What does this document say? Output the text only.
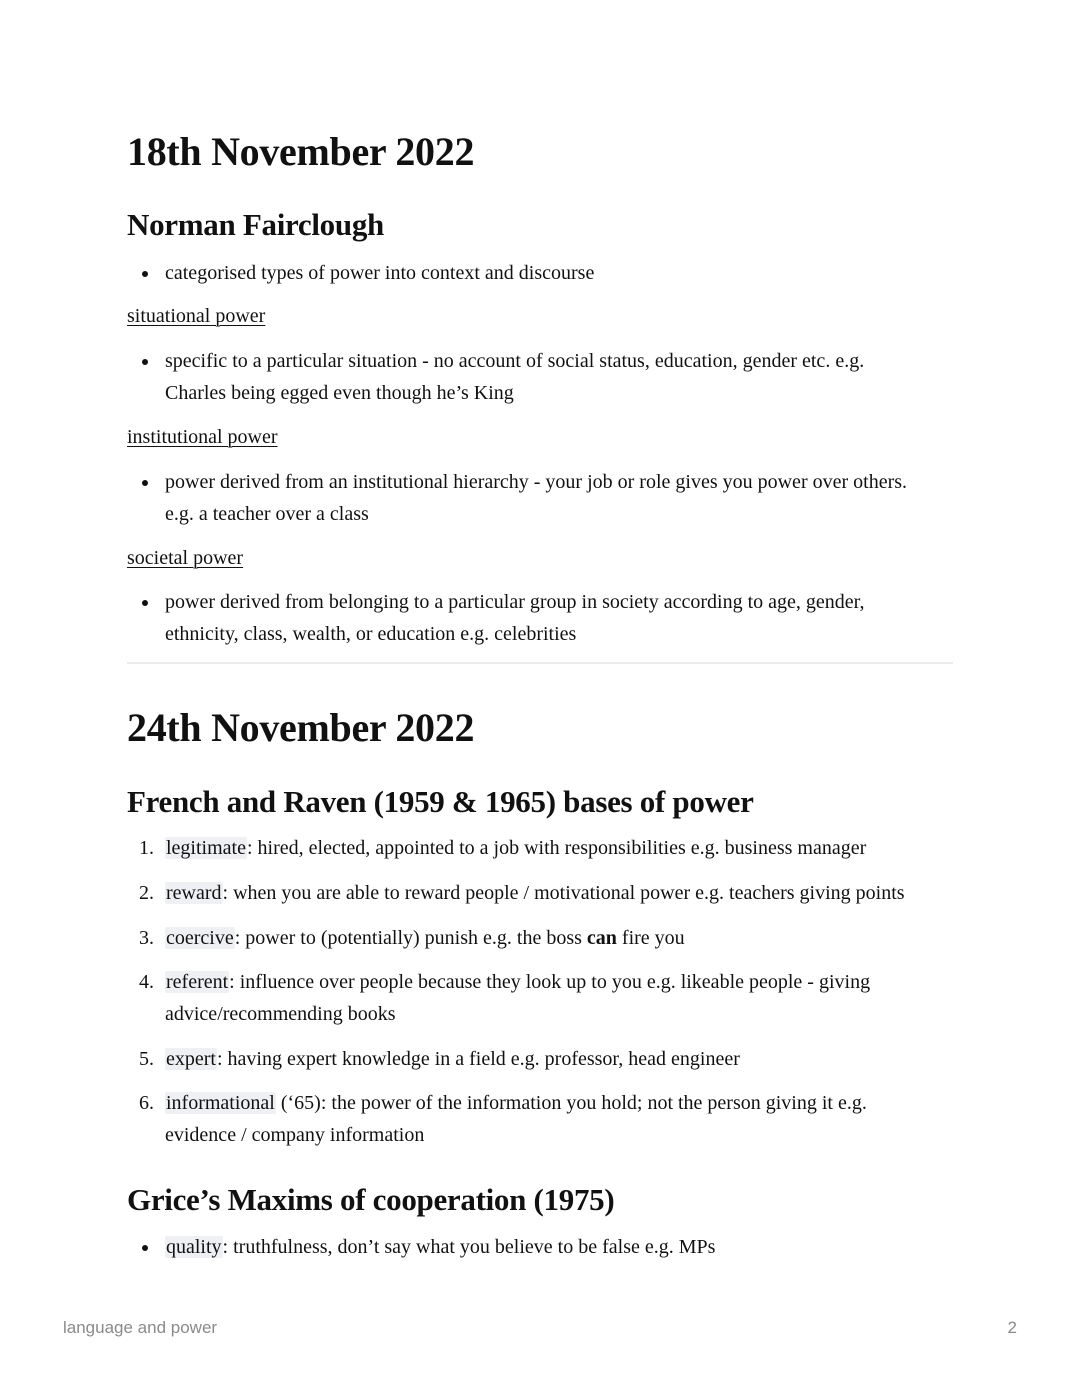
18th November 2022
Norman Fairclough
categorised types of power into context and discourse
situational power
specific to a particular situation - no account of social status, education, gender etc. e.g.
Charles being egged even though he’s King
institutional power
power derived from an institutional hierarchy - your job or role gives you power over others.
e.g. a teacher over a class
societal power
power derived from belonging to a particular group in society according to age, gender,
ethnicity, class, wealth, or education e.g. celebrities
24th November 2022
French and Raven (1959 & 1965) bases of power
1. legitimate: hired, elected, appointed to a job with responsibilities e.g. business manager
2. reward: when you are able to reward people / motivational power e.g. teachers giving points
3. coercive: power to (potentially) punish e.g. the boss can fire you
4. referent: influence over people because they look up to you e.g. likeable people - giving
advice/recommending books
5. expert: having expert knowledge in a field e.g. professor, head engineer
6. informational (‘65): the power of the information you hold; not the person giving it e.g.
evidence / company information
Grice’s Maxims of cooperation (1975)
quality: truthfulness, don’t say what you believe to be false e.g. MPs
language and power	2
